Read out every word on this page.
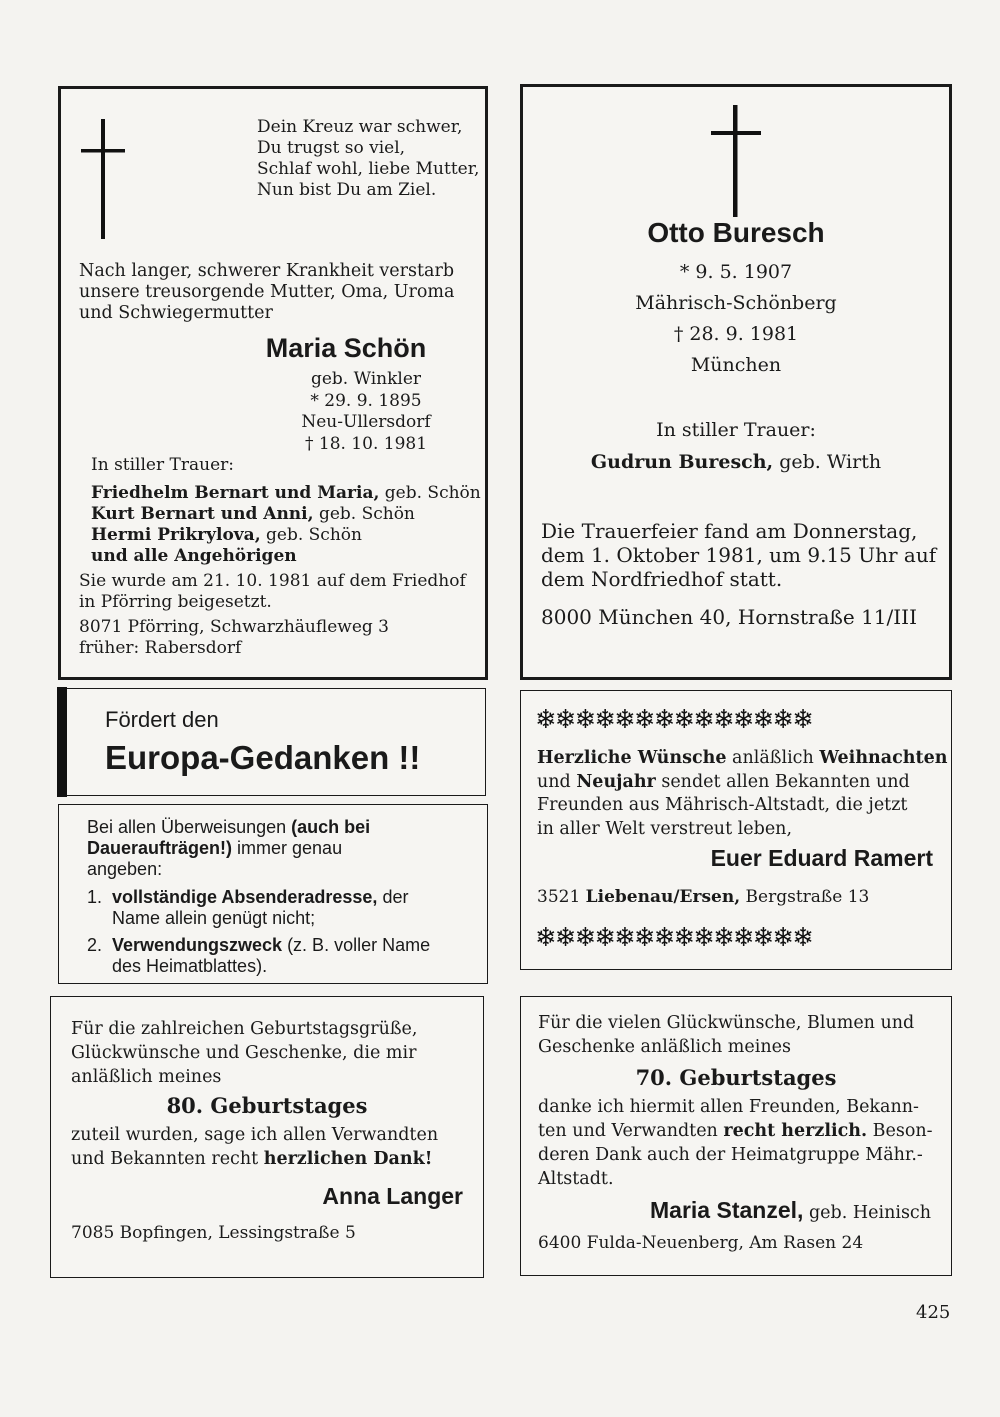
Dein Kreuz war schwer,
Du trugst so viel,
Schlaf wohl, liebe Mutter,
Nun bist Du am Ziel.
Nach langer, schwerer Krankheit verstarb
unsere treusorgende Mutter, Oma, Uroma
und Schwiegermutter
Maria Schön
geb. Winkler
* 29. 9. 1895
Neu-Ullersdorf
† 18. 10. 1981
In stiller Trauer:
Friedhelm Bernart und Maria, geb. Schön
Kurt Bernart und Anni, geb. Schön
Hermi Prikrylova, geb. Schön
und alle Angehörigen
Sie wurde am 21. 10. 1981 auf dem Friedhof
in Pförring beigesetzt.
8071 Pförring, Schwarzhäufleweg 3
früher: Rabersdorf
Otto Buresch
* 9. 5. 1907
Mährisch-Schönberg
† 28. 9. 1981
München
In stiller Trauer:
Gudrun Buresch, geb. Wirth
Die Trauerfeier fand am Donnerstag,
dem 1. Oktober 1981, um 9.15 Uhr auf
dem Nordfriedhof statt.
8000 München 40, Hornstraße 11/III
Fördert den
Europa-Gedanken !!
Bei allen Überweisungen (auch bei
Daueraufträgen!) immer genau
angeben:
1. vollständige Absenderadresse, der
Name allein genügt nicht;
2. Verwendungszweck (z. B. voller Name
des Heimatblattes).
❄❄❄❄❄❄❄❄❄❄❄❄❄❄
Herzliche Wünsche anläßlich Weihnachten
und Neujahr sendet allen Bekannten und
Freunden aus Mährisch-Altstadt, die jetzt
in aller Welt verstreut leben,
Euer Eduard Ramert
3521 Liebenau/Ersen, Bergstraße 13
❄❄❄❄❄❄❄❄❄❄❄❄❄❄
Für die zahlreichen Geburtstagsgrüße,
Glückwünsche und Geschenke, die mir
anläßlich meines
80. Geburtstages
zuteil wurden, sage ich allen Verwandten
und Bekannten recht herzlichen Dank!
Anna Langer
7085 Bopfingen, Lessingstraße 5
Für die vielen Glückwünsche, Blumen und
Geschenke anläßlich meines
70. Geburtstages
danke ich hiermit allen Freunden, Bekann-
ten und Verwandten recht herzlich. Beson-
deren Dank auch der Heimatgruppe Mähr.-
Altstadt.
Maria Stanzel, geb. Heinisch
6400 Fulda-Neuenberg, Am Rasen 24
425
